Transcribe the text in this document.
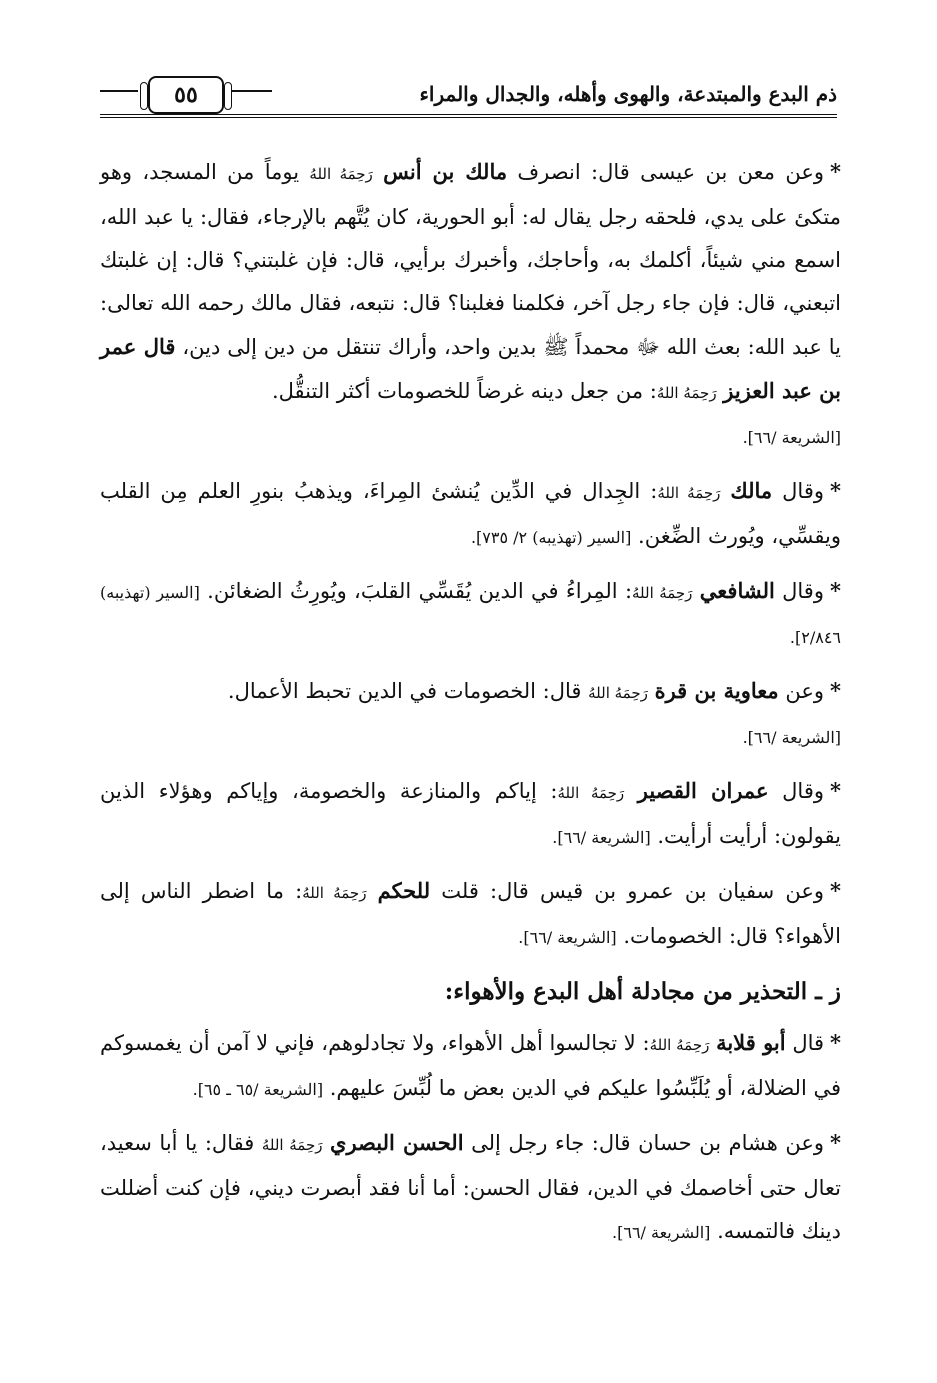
ذم البدع والمبتدعة، والهوى وأهله، والجدال والمراء
٥٥

*وعن معن بن عيسى قال: انصرف مالك بن أنس رَحِمَهُ اللهُ يوماً من المسجد، وهو متكئ على يدي، فلحقه رجل يقال له: أبو الحورية، كان يُتَّهم بالإرجاء، فقال: يا عبد الله، اسمع مني شيئاً، أكلمك به، وأحاجك، وأخبرك برأيي، قال: فإن غلبتني؟ قال: إن غلبتك اتبعني، قال: فإن جاء رجل آخر، فكلمنا فغلبنا؟ قال: نتبعه، فقال مالك رحمه الله تعالى: يا عبد الله: بعث الله ﷻ محمداً ﷺ بدين واحد، وأراك تنتقل من دين إلى دين، قال عمر بن عبد العزيز رَحِمَهُ اللهُ: من جعل دينه غرضاً للخصومات أكثر التنقُّل.
[الشريعة /٦٦].

*وقال مالك رَحِمَهُ اللهُ: الجِدال في الدِّين يُنشئ المِراءَ، ويذهبُ بنورِ العلم مِن القلب ويقسِّي، ويُورث الضِّغن. [السير (تهذيبه) ٢/ ٧٣٥].

*وقال الشافعي رَحِمَهُ اللهُ: المِراءُ في الدين يُقَسِّي القلبَ، ويُورِثُ الضغائن. [السير (تهذيبه) ٢/٨٤٦].

*وعن معاوية بن قرة رَحِمَهُ اللهُ قال: الخصومات في الدين تحبط الأعمال.
[الشريعة /٦٦].

*وقال عمران القصير رَحِمَهُ اللهُ: إياكم والمنازعة والخصومة، وإياكم وهؤلاء الذين يقولون: أرأيت أرأيت. [الشريعة /٦٦].

*وعن سفيان بن عمرو بن قيس قال: قلت للحكم رَحِمَهُ اللهُ: ما اضطر الناس إلى الأهواء؟ قال: الخصومات. [الشريعة /٦٦].

ز ـ التحذير من مجادلة أهل البدع والأهواء:

*قال أبو قلابة رَحِمَهُ اللهُ: لا تجالسوا أهل الأهواء، ولا تجادلوهم، فإني لا آمن أن يغمسوكم في الضلالة، أو يُلَبِّسُوا عليكم في الدين بعض ما لُبِّسَ عليهم. [الشريعة /٦٥ ـ ٦٥].

*وعن هشام بن حسان قال: جاء رجل إلى الحسن البصري رَحِمَهُ اللهُ فقال: يا أبا سعيد، تعال حتى أخاصمك في الدين، فقال الحسن: أما أنا فقد أبصرت ديني، فإن كنت أضللت دينك فالتمسه. [الشريعة /٦٦].
